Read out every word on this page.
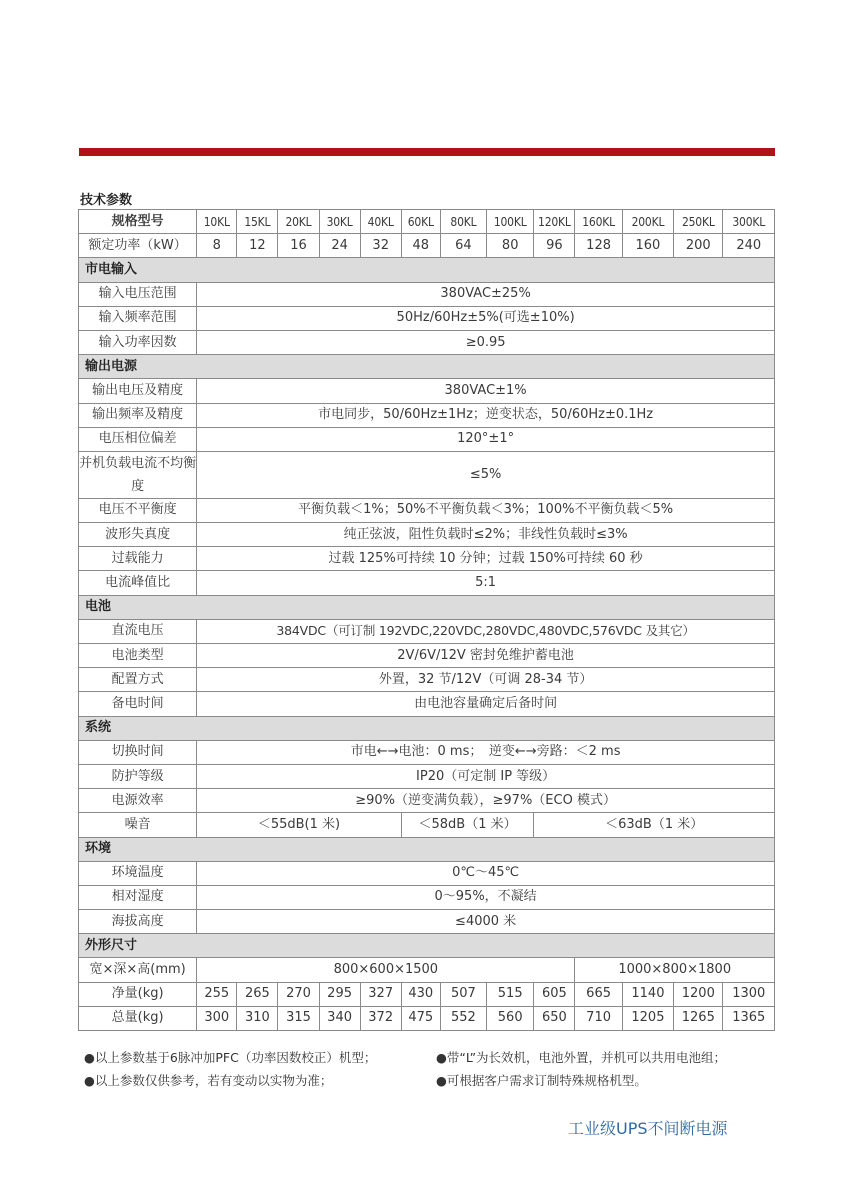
技术参数
规格型号	10KL	15KL	20KL	30KL	40KL	60KL	80KL	100KL	120KL	160KL	200KL	250KL	300KL
额定功率（kW）	8	12	16	24	32	48	64	80	96	128	160	200	240
市电输入													
输入电压范围	380VAC±25%												
输入频率范围	50Hz/60Hz±5%(可选±10%)												
输入功率因数	≥0.95												
输出电源													
输出电压及精度	380VAC±1%												
输出频率及精度	市电同步，50/60Hz±1Hz；逆变状态，50/60Hz±0.1Hz												
电压相位偏差	120°±1°												
并机负载电流不均衡度	≤5%												
电压不平衡度	平衡负载＜1%；50%不平衡负载＜3%；100%不平衡负载＜5%												
波形失真度	纯正弦波，阻性负载时≤2%；非线性负载时≤3%												
过载能力	过载 125%可持续 10 分钟；过载 150%可持续 60 秒												
电流峰值比	5:1												
电池													
直流电压	384VDC（可订制 192VDC,220VDC,280VDC,480VDC,576VDC 及其它）												
电池类型	2V/6V/12V 密封免维护蓄电池												
配置方式	外置，32 节/12V（可调 28-34 节）												
备电时间	由电池容量确定后备时间												
系统													
切换时间	市电←→电池：0 ms；　逆变←→旁路：＜2 ms												
防护等级	IP20（可定制 IP 等级）												
电源效率	≥90%（逆变满负载），≥97%（ECO 模式）												
噪音	＜55dB(1 米)					＜58dB（1 米）			＜63dB（1 米）				
环境													
环境温度	0℃～45℃												
相对湿度	0～95%，不凝结												
海拔高度	≤4000 米												
外形尺寸													
宽×深×高(mm)	800×600×1500									1000×800×1800			
净量(kg)	255	265	270	295	327	430	507	515	605	665	1140	1200	1300
总量(kg)	300	310	315	340	372	475	552	560	650	710	1205	1265	1365
●以上参数基于6脉冲加PFC（功率因数校正）机型；	●带“L”为长效机，电池外置，并机可以共用电池组；
●以上参数仅供参考，若有变动以实物为准；	●可根据客户需求订制特殊规格机型。
工业级UPS不间断电源
